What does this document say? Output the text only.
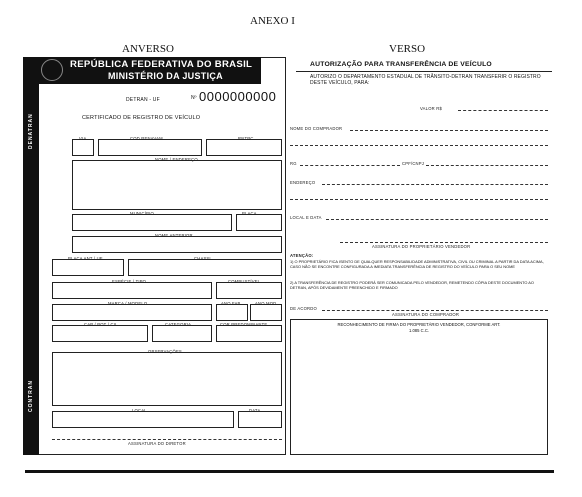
ANEXO I
ANVERSO	VERSO
DENATRAN
CONTRAN
REPÚBLICA FEDERATIVA DO BRASIL
MINISTÉRIO DA JUSTIÇA
Nº 0000000000
DETRAN - UF
CERTIFICADO DE REGISTRO DE VEÍCULO
VIA	COD RENAVAM	RNTRC
NOME / ENDEREÇO
MUNICÍPIO	PLACA
NOME ANTERIOR
PLACA ANT / UF	CHASSI
ESPÉCIE / TIPO	COMBUSTÍVEL
MARCA / MODELO	ANO FAB	ANO MOD
CAP / POT / CIL	CATEGORIA	COR PREDOMINANTE
OBSERVAÇÕES
LOCAL	DATA
ASSINATURA DO DIRETOR
AUTORIZAÇÃO PARA TRANSFERÊNCIA DE VEÍCULO
AUTORIZO O DEPARTAMENTO ESTADUAL DE TRÂNSITO-DETRAN TRANSFERIR O REGISTRO DESTE VEÍCULO, PARA:
VALOR R$
NOME DO COMPRADOR
RG	CPF/CNPJ
ENDEREÇO
LOCAL E DATA
ASSINATURA DO PROPRIETÁRIO VENDEDOR
ATENÇÃO:
1) O PROPRIETÁRIO FICA ISENTO DE QUALQUER RESPONSABILIDADE ADMINISTRATIVA, CIVIL OU CRIMINAL A PARTIR DA DATA ACIMA, CASO NÃO SE ENCONTRE CONFIGURADA A IMEDIATA TRANSFERÊNCIA DE REGISTRO DO VEÍCULO PARA O SEU NOME
2) A TRANSFERÊNCIA DE REGISTRO PODERÁ SER COMUNICADA PELO VENDEDOR, REMETENDO CÓPIA DESTE DOCUMENTO AO DETRAN, APÓS DEVIDAMENTE PREENCHIDO E FIRMADO
DE ACORDO
ASSINATURA DO COMPRADOR
RECONHECIMENTO DE FIRMA DO PROPRIETÁRIO VENDEDOR, CONFORME ART. 1.085 C.C.
